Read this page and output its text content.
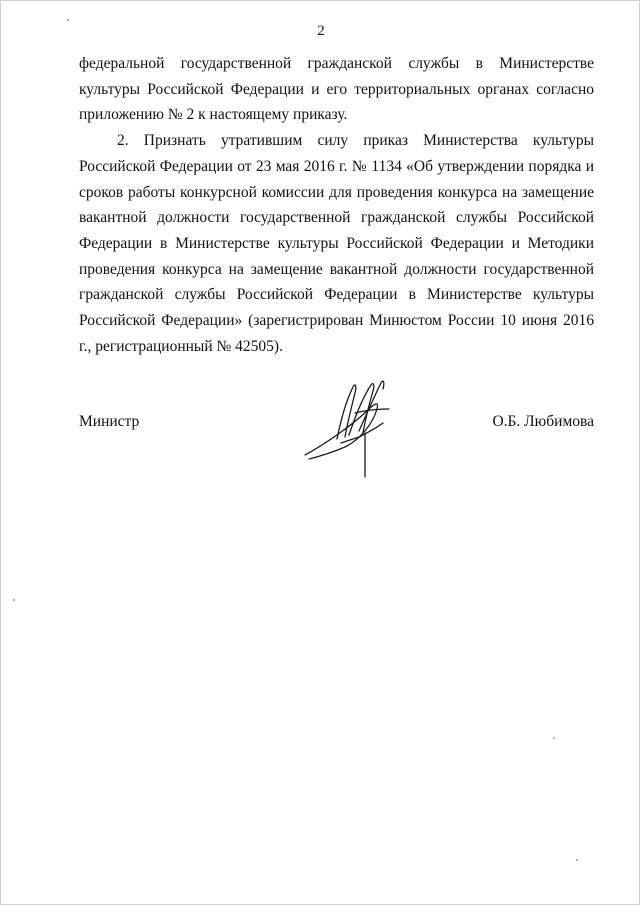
2

федеральной государственной гражданской службы в Министерстве культуры Российской Федерации и его территориальных органах согласно приложению № 2 к настоящему приказу.

2. Признать утратившим силу приказ Министерства культуры Российской Федерации от 23 мая 2016 г. № 1134 «Об утверждении порядка и сроков работы конкурсной комиссии для проведения конкурса на замещение вакантной должности государственной гражданской службы Российской Федерации в Министерстве культуры Российской Федерации и Методики проведения конкурса на замещение вакантной должности государственной гражданской службы Российской Федерации в Министерстве культуры Российской Федерации» (зарегистрирован Минюстом России 10 июня 2016 г., регистрационный № 42505).

Министр	О.Б. Любимова
